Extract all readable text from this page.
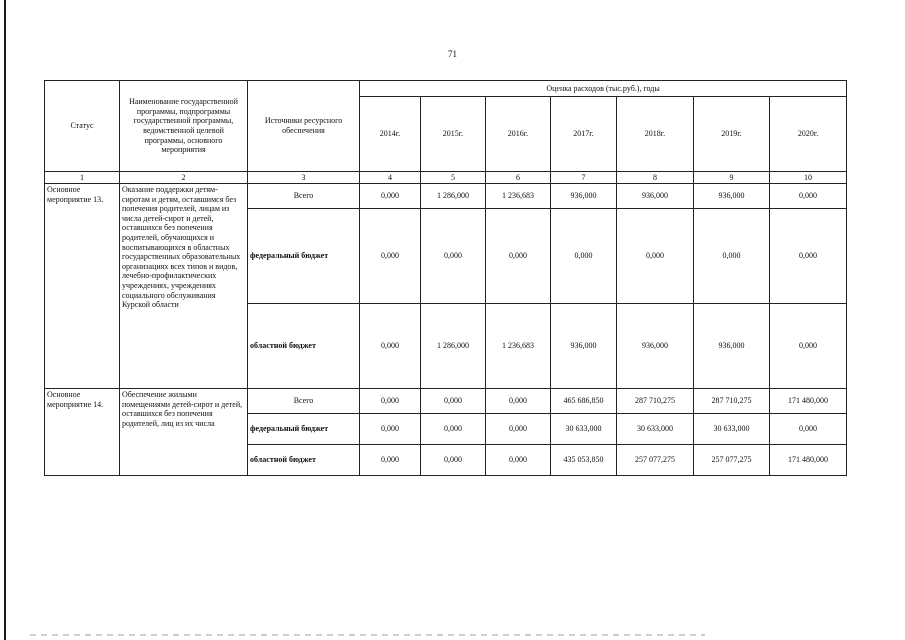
71
Статус	Наименование государственной программы, подпрограммы государственной программы, ведомственной целевой программы, основного мероприятия	Источники ресурсного обеспечения	Оценка расходов (тыс.руб.), годы						
			2014г.	2015г.	2016г.	2017г.	2018г.	2019г.	2020г.
1	2	3	4	5	6	7	8	9	10
Основное мероприятие 13.	Оказание поддержки детям-сиротам и детям, оставшимся без попечения родителей, лицам из числа детей-сирот и детей, оставшихся без попечения родителей, обучающихся и воспитывающихся в областных государственных образовательных организациях всех типов и видов, лечебно-профилактических учреждениях, учреждениях социального обслуживания Курской области	Всего	0,000	1 286,000	1 236,683	936,000	936,000	936,000	0,000
		федеральный бюджет	0,000	0,000	0,000	0,000	0,000	0,000	0,000
		областной бюджет	0,000	1 286,000	1 236,683	936,000	936,000	936,000	0,000
Основное мероприятие 14.	Обеспечение жилыми помещениями детей-сирот и детей, оставшихся без попечения родителей, лиц из их числа	Всего	0,000	0,000	0,000	465 686,850	287 710,275	287 710,275	171 480,000
		федеральный бюджет	0,000	0,000	0,000	30 633,000	30 633,000	30 633,000	0,000
		областной бюджет	0,000	0,000	0,000	435 053,850	257 077,275	257 077,275	171 480,000
